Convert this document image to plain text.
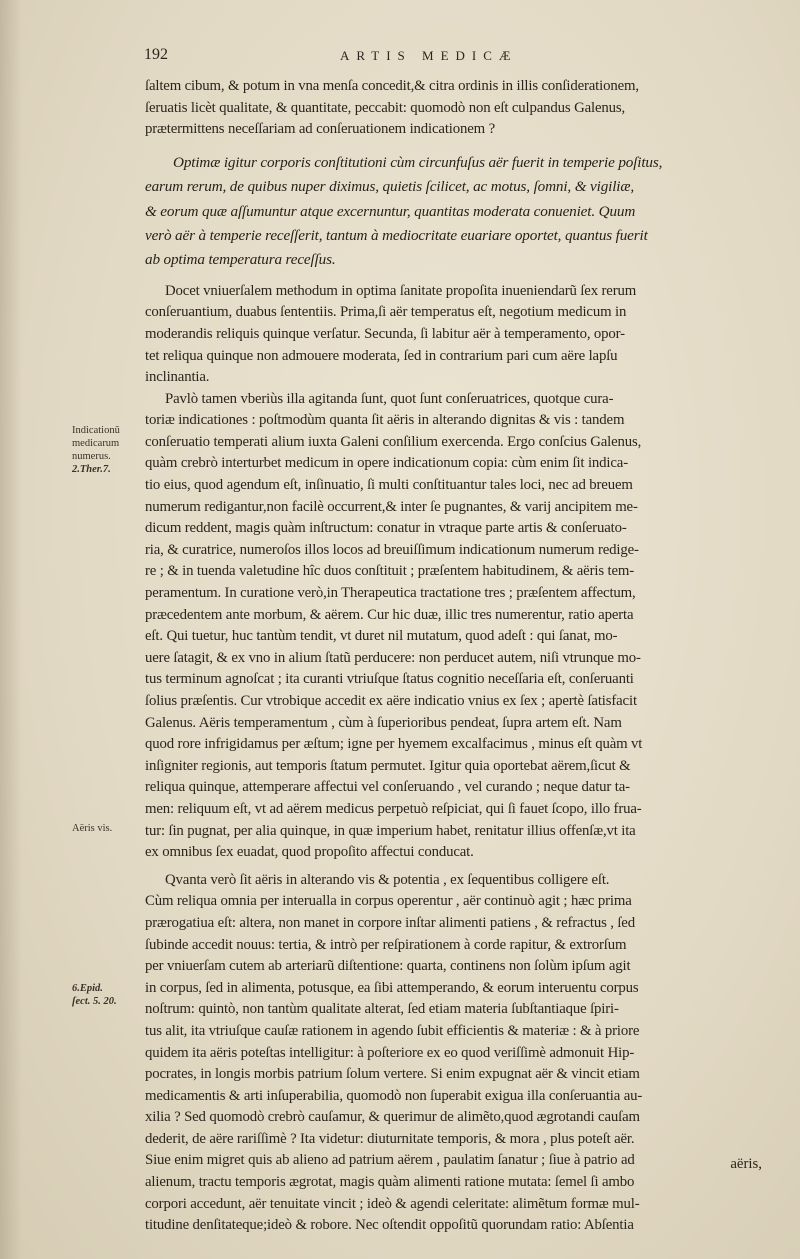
192	ARTIS MEDICÆ
ſaltem cibum, & potum in vna menſa concedit,& citra ordinis in illis conſiderationem,
ſeruatis licèt qualitate, & quantitate, peccabit: quomodò non eſt culpandus Galenus,
prætermittens neceſſariam ad conſeruationem indicationem ?
Optimæ igitur corporis conſtitutioni cùm circunfuſus aër fuerit in temperie poſitus,
earum rerum, de quibus nuper diximus, quietis ſcilicet, ac motus, ſomni, & vigiliæ,
& eorum quæ aſſumuntur atque excernuntur, quantitas moderata conueniet. Quum
verò aër à temperie receſſerit, tantum à mediocritate euariare oportet, quantus fuerit
ab optima temperatura receſſus.
Docet vniuerſalem methodum in optima ſanitate propoſita inueniendarũ ſex rerum
conſeruantium, duabus ſententiis. Prima,ſi aër temperatus eſt, negotium medicum in
moderandis reliquis quinque verſatur. Secunda, ſi labitur aër à temperamento, opor-
tet reliqua quinque non admouere moderata, ſed in contrarium pari cum aëre lapſu
inclinantia.
Pavlò tamen vberiùs illa agitanda ſunt, quot ſunt conſeruatrices, quotque cura-
toriæ indicationes : poſtmodùm quanta ſit aëris in alterando dignitas & vis : tandem
conſeruatio temperati alium iuxta Galeni conſilium exercenda. Ergo conſcius Galenus,
quàm crebrò interturbet medicum in opere indicationum copia: cùm enim ſit indica-
tio eius, quod agendum eſt, inſinuatio, ſi multi conſtituantur tales loci, nec ad breuem
numerum redigantur,non facilè occurrent,& inter ſe pugnantes, & varij ancipitem me-
dicum reddent, magis quàm inſtructum: conatur in vtraque parte artis & conſeruato-
ria, & curatrice, numeroſos illos locos ad breuiſſimum indicationum numerum redige-
re ; & in tuenda valetudine hîc duos conſtituit ; præſentem habitudinem, & aëris tem-
peramentum. In curatione verò,in Therapeutica tractatione tres ; præſentem affectum,
præcedentem ante morbum, & aërem. Cur hic duæ, illic tres numerentur, ratio aperta
eſt. Qui tuetur, huc tantùm tendit, vt duret nil mutatum, quod adeſt : qui ſanat, mo-
uere ſatagit, & ex vno in alium ſtatũ perducere: non perducet autem, niſi vtrunque mo-
tus terminum agnoſcat ; ita curanti vtriuſque ſtatus cognitio neceſſaria eſt, conſeruanti
ſolius præſentis. Cur vtrobique accedit ex aëre indicatio vnius ex ſex ; apertè ſatisfacit
Galenus. Aëris temperamentum , cùm à ſuperioribus pendeat, ſupra artem eſt. Nam
quod rore infrigidamus per æſtum; igne per hyemem excalfacimus , minus eſt quàm vt
inſigniter regionis, aut temporis ſtatum permutet. Igitur quia oportebat aërem,ſicut &
reliqua quinque, attemperare affectui vel conſeruando , vel curando ; neque datur ta-
men: reliquum eſt, vt ad aërem medicus perpetuò reſpiciat, qui ſi fauet ſcopo, illo frua-
tur: ſin pugnat, per alia quinque, in quæ imperium habet, renitatur illius offenſæ,vt ita
ex omnibus ſex euadat, quod propoſito affectui conducat.
Qvanta verò ſit aëris in alterando vis & potentia , ex ſequentibus colligere eſt.
Cùm reliqua omnia per interualla in corpus operentur , aër continuò agit ; hæc prima
prærogatiua eſt: altera, non manet in corpore inſtar alimenti patiens , & refractus , ſed
ſubinde accedit nouus: tertia, & intrò per reſpirationem à corde rapitur, & extrorſum
per vniuerſam cutem ab arteriarũ diſtentione: quarta, continens non ſolùm ipſum agit
in corpus, ſed in alimenta, potusque, ea ſibi attemperando, & eorum interuentu corpus
noſtrum: quintò, non tantùm qualitate alterat, ſed etiam materia ſubſtantiaque ſpiri-
tus alit, ita vtriuſque cauſæ rationem in agendo ſubit efficientis & materiæ : & à priore
quidem ita aëris poteſtas intelligitur: à poſteriore ex eo quod veriſſimè admonuit Hip-
pocrates, in longis morbis patrium ſolum vertere. Si enim expugnat aër & vincit etiam
medicamentis & arti inſuperabilia, quomodò non ſuperabit exigua illa conſeruantia au-
xilia ? Sed quomodò crebrò cauſamur, & querimur de alimẽto,quod ægrotandi cauſam
dederit, de aëre rariſſimè ? Ita videtur: diuturnitate temporis, & mora , plus poteſt aër.
Siue enim migret quis ab alieno ad patrium aërem , paulatim ſanatur ; ſiue à patrio ad
alienum, tractu temporis ægrotat, magis quàm alimenti ratione mutata: ſemel ſi ambo
corpori accedunt, aër tenuitate vincit ; ideò & agendi celeritate: alimẽtum formæ mul-
titudine denſitateque;ideò & robore. Nec oſtendit oppoſitũ quorundam ratio: Abſentia
Indicationũ
medicarum
numerus.
2.Ther.7.
Aëris vis.
6.Epid.
ſect. 5. 20.
aëris,
